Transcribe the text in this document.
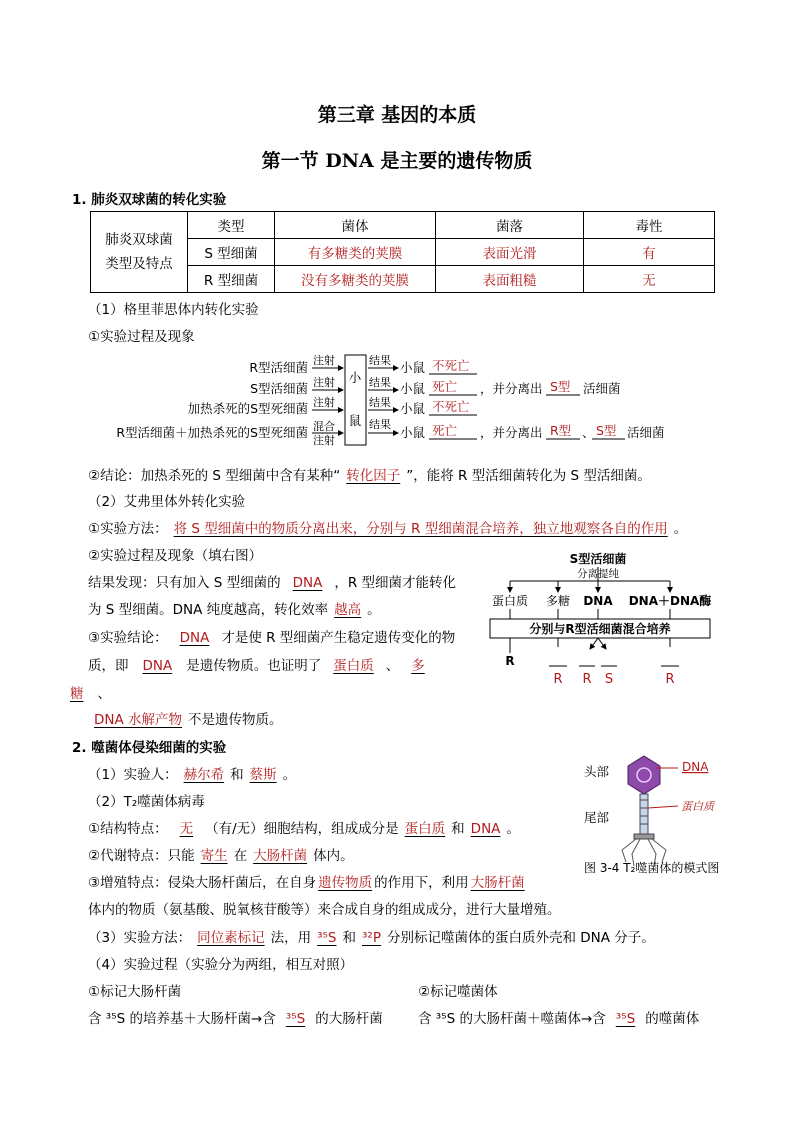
第三章 基因的本质
第一节 DNA 是主要的遗传物质
1. 肺炎双球菌的转化实验
肺炎双球菌
类型及特点	类型	菌体	菌落	毒性
	S 型细菌	有多糖类的荚膜	表面光滑	有
	R 型细菌	没有多糖类的荚膜	表面粗糙	无
（1）格里菲思体内转化实验
①实验过程及现象
R型活细菌
S型活细菌
加热杀死的S型死细菌
R型活细菌＋加热杀死的S型死细菌
注射
注射
注射
混合
注射
小
鼠
结果
结果
结果
结果
小鼠
小鼠
小鼠
小鼠
不死亡
死亡
不死亡
死亡
，并分离出 S型 活细菌
，并分离出 R型 、 S型 活细菌
②结论：加热杀死的 S 型细菌中含有某种“ 转化因子 ”，能将 R 型活细菌转化为 S 型活细菌。
（2）艾弗里体外转化实验
①实验方法： 将 S 型细菌中的物质分离出来，分别与 R 型细菌混合培养，独立地观察各自的作用 。
②实验过程及现象（填右图）
结果发现：只有加入 S 型细菌的 DNA ，R 型细菌才能转化
为 S 型细菌。DNA 纯度越高，转化效率 越高 。
③实验结论： DNA 才是使 R 型细菌产生稳定遗传变化的物
质，即 DNA 是遗传物质。也证明了 蛋白质 、 多
糖 、
DNA 水解产物 不是遗传物质。
S型活细菌
分离提纯
蛋白质 多糖 DNA DNA＋DNA酶
分别与R型活细菌混合培养
R
R R S	R
2. 噬菌体侵染细菌的实验
（1）实验人： 赫尔希 和 蔡斯 。
（2）T₂噬菌体病毒
①结构特点： 无 （有/无）细胞结构，组成成分是 蛋白质 和 DNA 。
②代谢特点：只能 寄生 在 大肠杆菌 体内。
③增殖特点：侵染大肠杆菌后，在自身 遗传物质 的作用下，利用 大肠杆菌
体内的物质（氨基酸、脱氧核苷酸等）来合成自身的组成成分，进行大量增殖。
（3）实验方法： 同位素标记 法，用 ³⁵S 和 ³²P 分别标记噬菌体的蛋白质外壳和 DNA 分子。
（4）实验过程（实验分为两组，相互对照）
①标记大肠杆菌	②标记噬菌体
含 ³⁵S 的培养基＋大肠杆菌→含 ³⁵S 的大肠杆菌	含 ³⁵S 的大肠杆菌＋噬菌体→含 ³⁵S 的噬菌体
头部
尾部
DNA
蛋白质
图 3-4 T₂噬菌体的模式图
